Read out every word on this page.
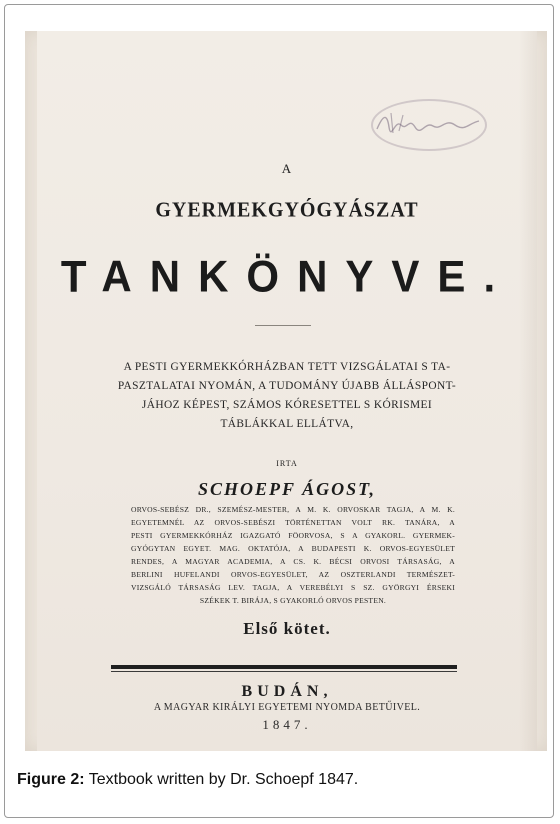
A
GYERMEKGYÓGYÁSZAT
TANKÖNYVE.
A PESTI GYERMEKKÓRHÁZBAN TETT VIZSGÁLATAI S TA-
PASZTALATAI NYOMÁN, A TUDOMÁNY ÚJABB ÁLLÁSPONT-
JÁHOZ KÉPEST, SZÁMOS KÓRESETTEL S KÓRISMEI
TÁBLÁKKAL ELLÁTVA,
IRTA
SCHOEPF ÁGOST,
ORVOS-SEBÉSZ DR., SZEMÉSZ-MESTER, A M. K. ORVOSKAR TAGJA, A M. K.
EGYETEMNÉL AZ ORVOS-SEBÉSZI TÖRTÉNETTAN VOLT RK. TANÁRA, A
PESTI GYERMEKKÓRHÁZ IGAZGATÓ FÖORVOSA, S A GYAKORL. GYERMEK-
GYÓGYTAN EGYET. MAG. OKTATÓJA, A BUDAPESTI K. ORVOS-EGYESÜLET
RENDES, A MAGYAR ACADEMIA, A CS. K. BÉCSI ORVOSI TÁRSASÁG, A
BERLINI HUFELANDI ORVOS-EGYESÜLET, AZ OSZTERLANDI TERMÉSZET-
VIZSGÁLÓ TÁRSASÁG LEV. TAGJA, A VEREBÉLYI S SZ. GYÖRGYI ÉRSEKI
SZÉKEK T. BIRÁJA, S GYAKORLÓ ORVOS PESTEN.
Első kötet.
BUDÁN,
A MAGYAR KIRÁLYI EGYETEMI NYOMDA BETŰIVEL.
1847.
Figure 2: Textbook written by Dr. Schoepf 1847.
